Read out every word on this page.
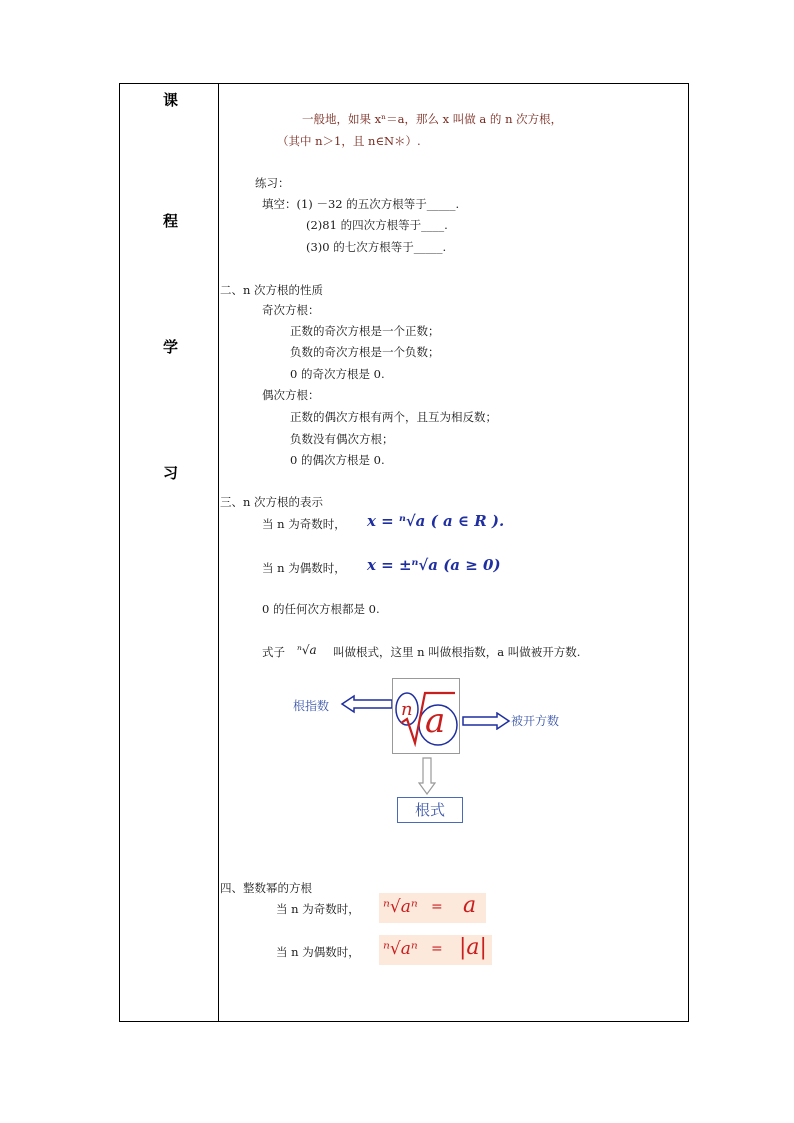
课
程
学
习
一般地，如果 xⁿ＝a，那么 x 叫做 a 的 n 次方根，
（其中 n＞1，且 n∈N＊）.
练习：
填空：(1) －32 的五次方根等于_____.
(2)81 的四次方根等于____.
(3)0 的七次方根等于_____.
二、n 次方根的性质
奇次方根：
正数的奇次方根是一个正数；
负数的奇次方根是一个负数；
0 的奇次方根是 0.
偶次方根：
正数的偶次方根有两个，且互为相反数；
负数没有偶次方根；
0 的偶次方根是 0.
三、n 次方根的表示
当 n 为奇数时， x = ⁿ√a ( a ∈ R ).
当 n 为偶数时， x = ±ⁿ√a (a ≥ 0)
0 的任何次方根都是 0.
式子 ⁿ√a 叫做根式，这里 n 叫做根指数，a 叫做被开方数.
根指数	n a	被开方数
根式
四、整数幂的方根
当 n 为奇数时， ⁿ√aⁿ = a
当 n 为偶数时， ⁿ√aⁿ = |a|
